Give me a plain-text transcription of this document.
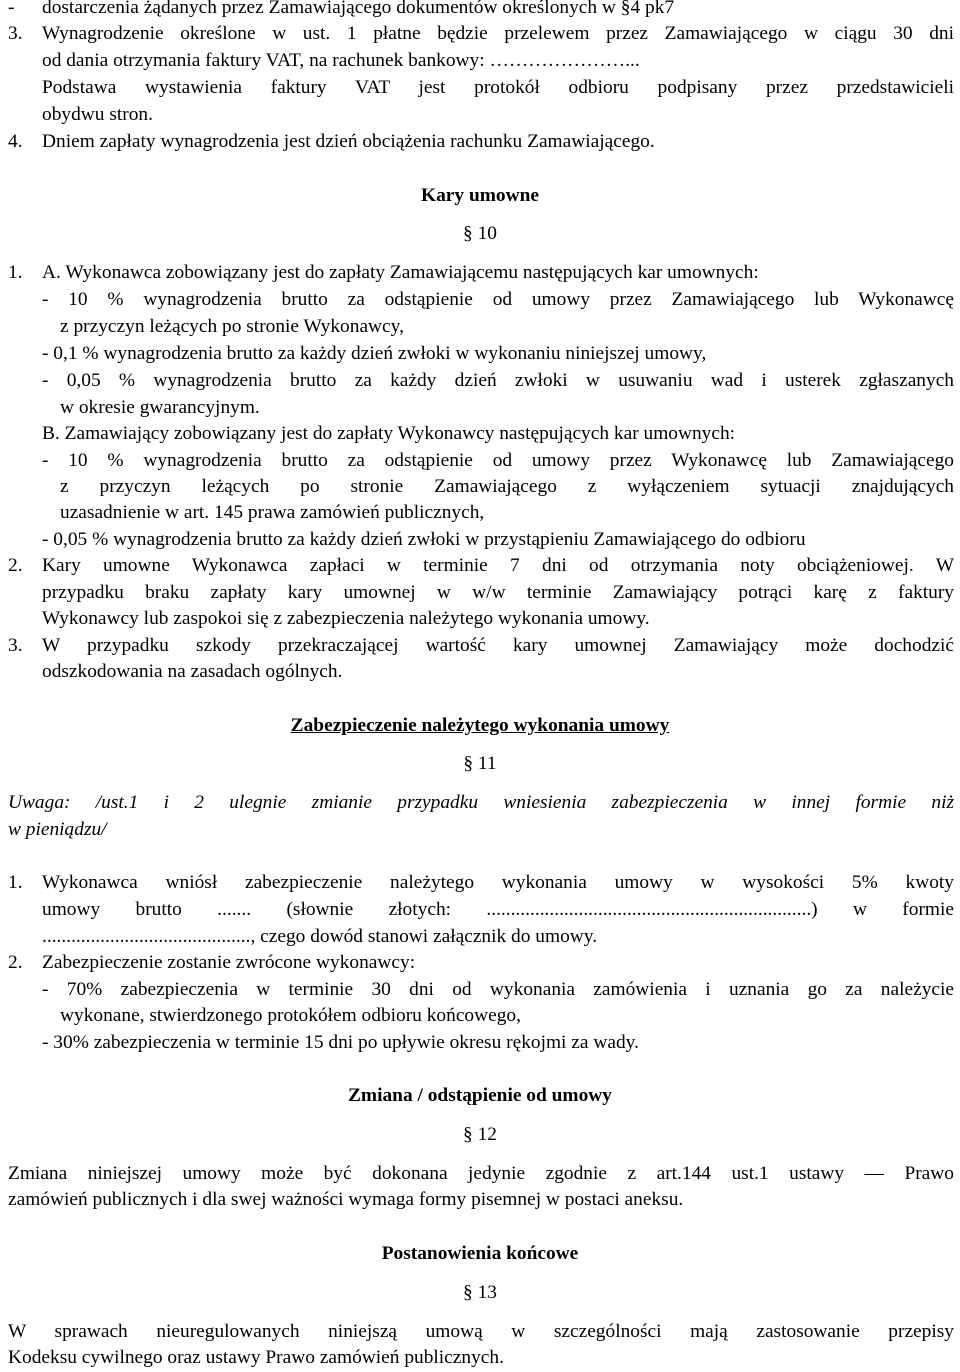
- dostarczenia żądanych przez Zamawiającego dokumentów określonych w §4 pk7
3. Wynagrodzenie określone w ust. 1 płatne będzie przelewem przez Zamawiającego w ciągu 30 dni
od dania otrzymania faktury VAT, na rachunek bankowy: …………………...
Podstawa wystawienia faktury VAT jest protokół odbioru podpisany przez przedstawicieli
obydwu stron.
4. Dniem zapłaty wynagrodzenia jest dzień obciążenia rachunku Zamawiającego.
Kary umowne
§ 10
1. A. Wykonawca zobowiązany jest do zapłaty Zamawiającemu następujących kar umownych:
- 10 % wynagrodzenia brutto za odstąpienie od umowy przez Zamawiającego lub Wykonawcę
z przyczyn leżących po stronie Wykonawcy,
- 0,1 % wynagrodzenia brutto za każdy dzień zwłoki w wykonaniu niniejszej umowy,
- 0,05 % wynagrodzenia brutto za każdy dzień zwłoki w usuwaniu wad i usterek zgłaszanych
w okresie gwarancyjnym.
B. Zamawiający zobowiązany jest do zapłaty Wykonawcy następujących kar umownych:
- 10 % wynagrodzenia brutto za odstąpienie od umowy przez Wykonawcę lub Zamawiającego
z przyczyn leżących po stronie Zamawiającego z wyłączeniem sytuacji znajdujących
uzasadnienie w art. 145 prawa zamówień publicznych,
- 0,05 % wynagrodzenia brutto za każdy dzień zwłoki w przystąpieniu Zamawiającego do odbioru
2. Kary umowne Wykonawca zapłaci w terminie 7 dni od otrzymania noty obciążeniowej. W
przypadku braku zapłaty kary umownej w w/w terminie Zamawiający potrąci karę z faktury
Wykonawcy lub zaspokoi się z zabezpieczenia należytego wykonania umowy.
3. W przypadku szkody przekraczającej wartość kary umownej Zamawiający może dochodzić
odszkodowania na zasadach ogólnych.
Zabezpieczenie należytego wykonania umowy
§ 11
Uwaga: /ust.1 i 2 ulegnie zmianie przypadku wniesienia zabezpieczenia w innej formie niż
w pieniądzu/
1. Wykonawca wniósł zabezpieczenie należytego wykonania umowy w wysokości 5% kwoty
umowy brutto ....... (słownie złotych: ...................................................................) w formie
..........................................., czego dowód stanowi załącznik do umowy.
2. Zabezpieczenie zostanie zwrócone wykonawcy:
- 70% zabezpieczenia w terminie 30 dni od wykonania zamówienia i uznania go za należycie
wykonane, stwierdzonego protokółem odbioru końcowego,
- 30% zabezpieczenia w terminie 15 dni po upływie okresu rękojmi za wady.
Zmiana / odstąpienie od umowy
§ 12
Zmiana niniejszej umowy może być dokonana jedynie zgodnie z art.144 ust.1 ustawy — Prawo
zamówień publicznych i dla swej ważności wymaga formy pisemnej w postaci aneksu.
Postanowienia końcowe
§ 13
W sprawach nieuregulowanych niniejszą umową w szczególności mają zastosowanie przepisy
Kodeksu cywilnego oraz ustawy Prawo zamówień publicznych.
